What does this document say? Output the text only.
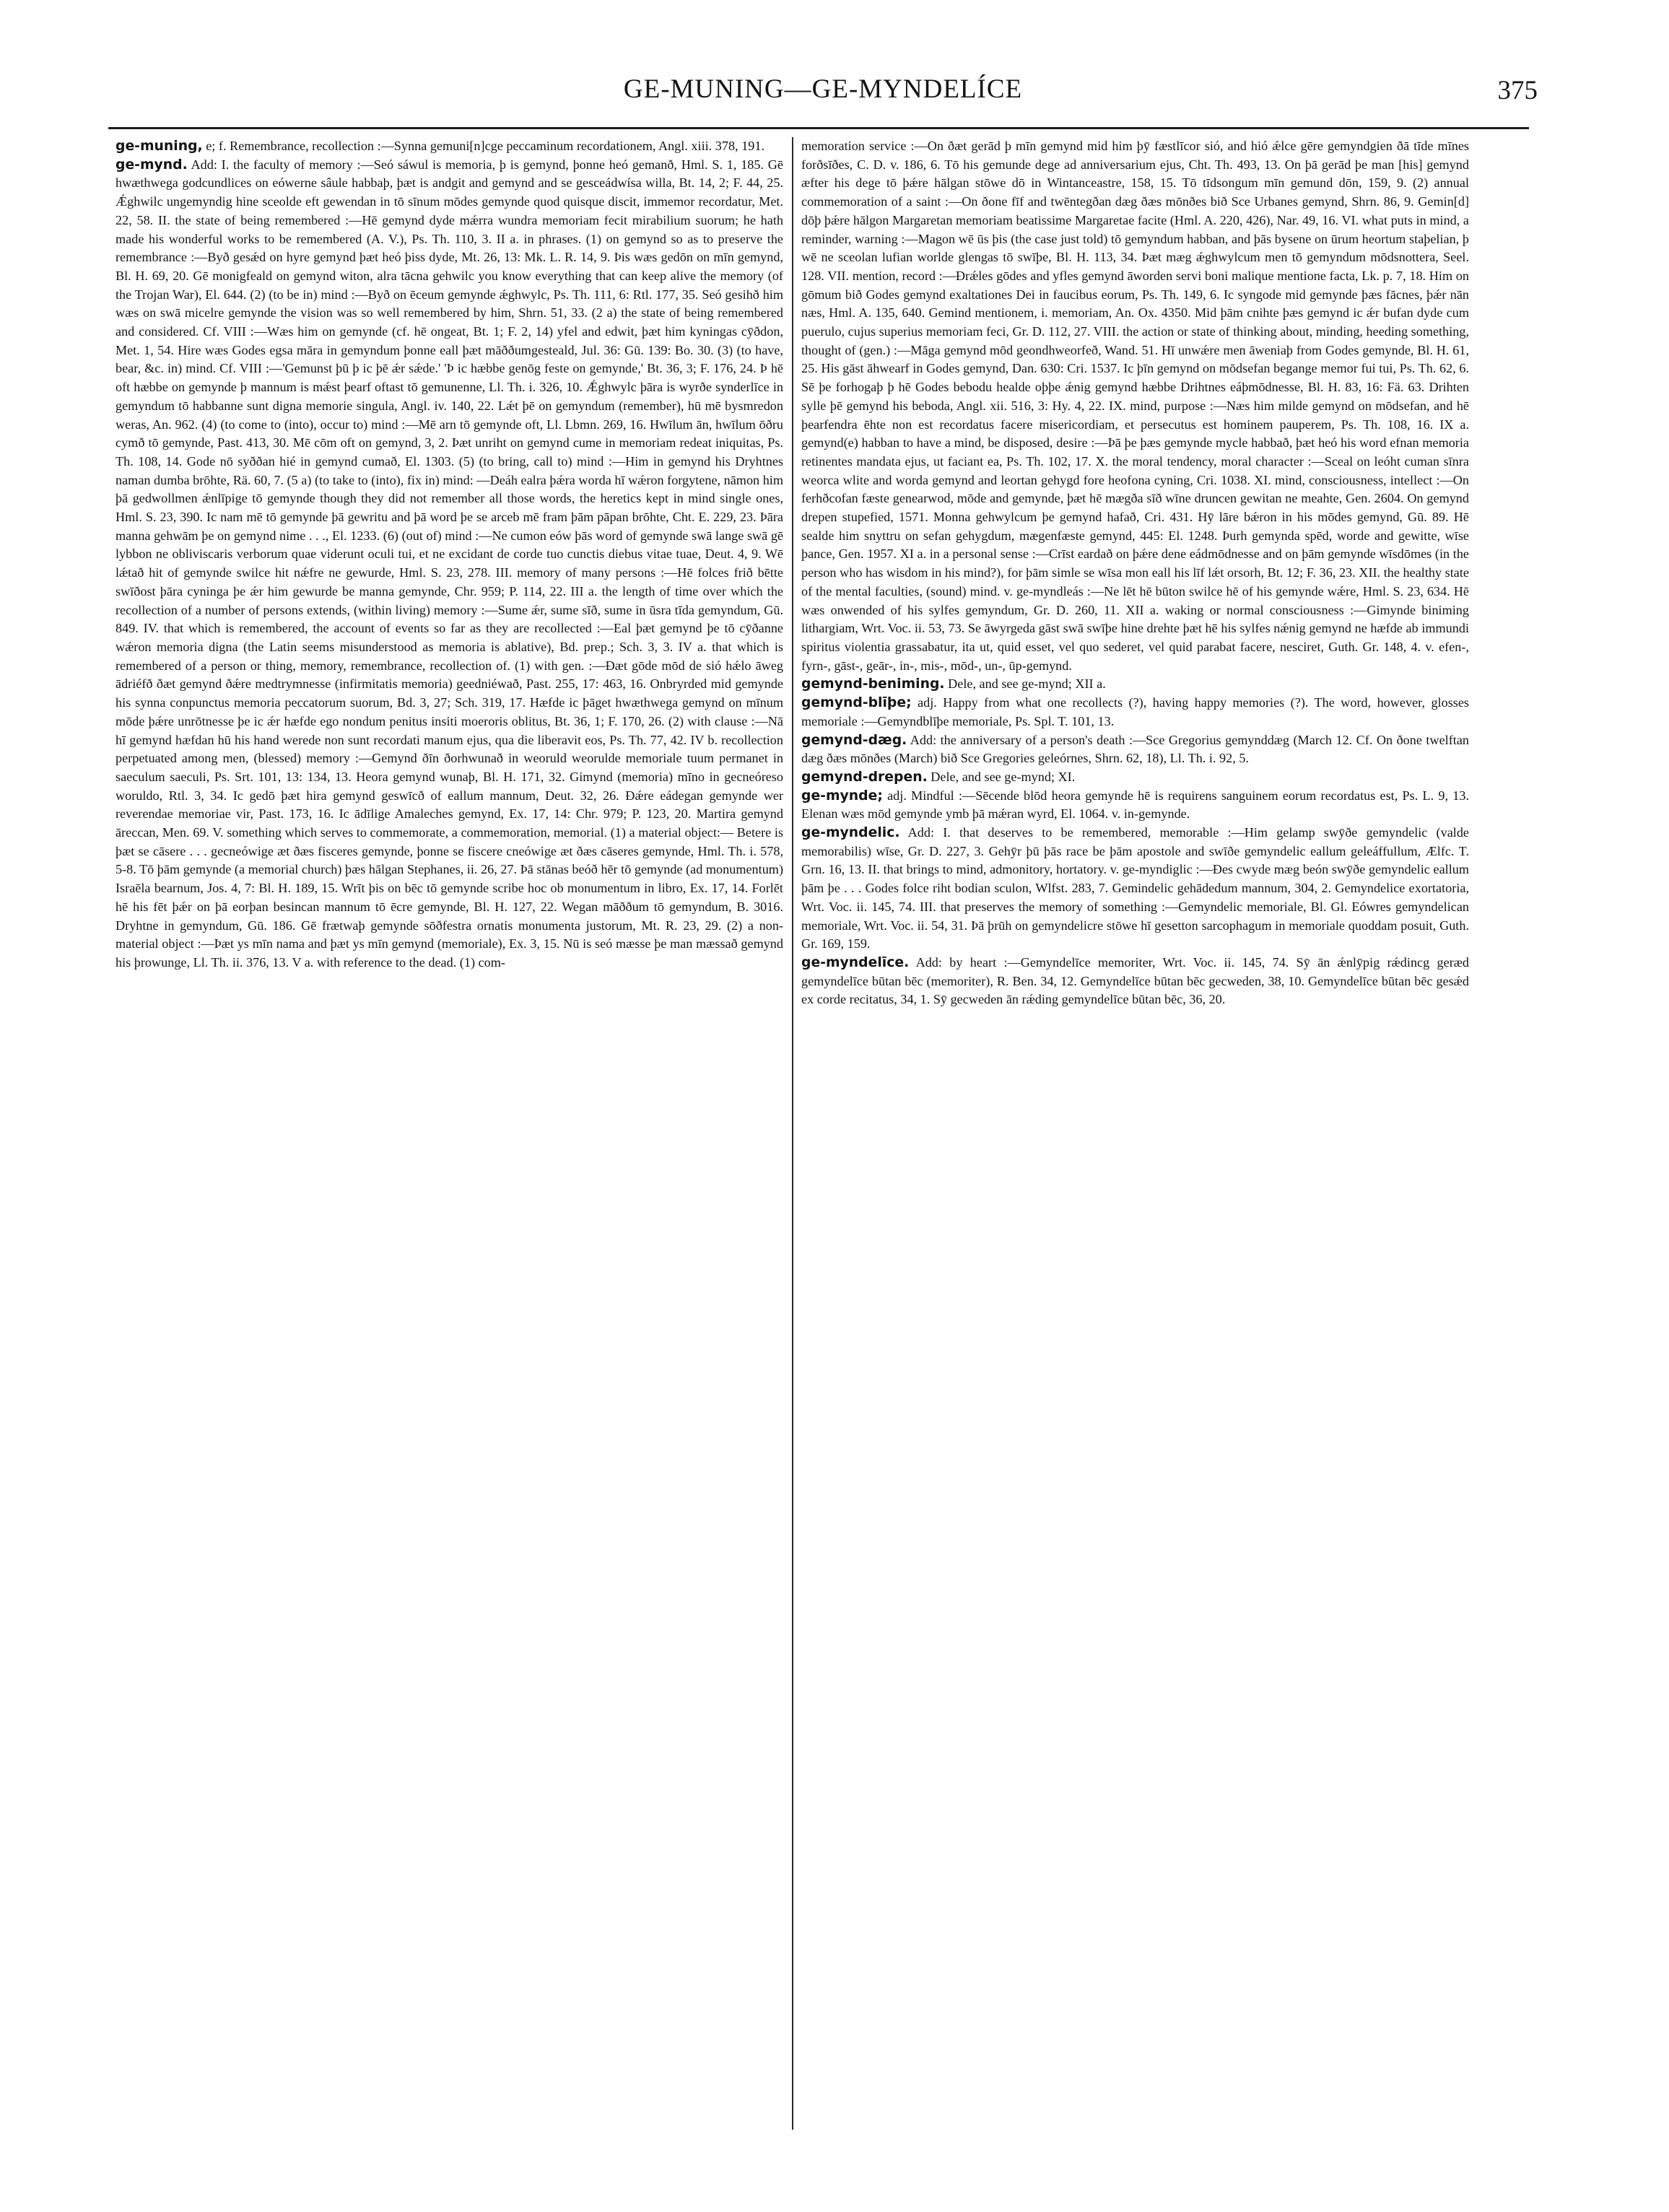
GE-MUNING—GE-MYNDELÍCE	375

ge-muning, e; f. Remembrance, recollection :—Synna gemuni[n]cge peccaminum recordationem, Angl. xiii. 378, 191.

ge-mynd. Add: I. the faculty of memory :—Seó sáwul is memoria, þ is gemynd, þonne heó gemanð, Hml. S. 1, 185. Gē hwæthwega godcundlices on eówerne sâule habbaþ, þæt is andgit and gemynd and se gesceádwísa willa, Bt. 14, 2; F. 44, 25. Ǽghwilc ungemyndig hine sceolde eft gewendan in tō sīnum mōdes gemynde quod quisque discit, immemor recordatur, Met. 22, 58. II. the state of being remembered :—Hē gemynd dyde mǽrra wundra memoriam fecit mirabilium suorum; he hath made his wonderful works to be remembered (A. V.), Ps. Th. 110, 3. II a. in phrases. (1) on gemynd so as to preserve the remembrance :—Byð gesǽd on hyre gemynd þæt heó þiss dyde, Mt. 26, 13: Mk. L. R. 14, 9. Þis wæs gedōn on mīn gemynd, Bl. H. 69, 20. Gē monigfeald on gemynd witon, alra tācna gehwilc you know everything that can keep alive the memory (of the Trojan War), El. 644. (2) (to be in) mind :—Byð on ēceum gemynde ǽghwylc, Ps. Th. 111, 6: Rtl. 177, 35. Seó gesihð him wæs on swā micelre gemynde the vision was so well remembered by him, Shrn. 51, 33. (2 a) the state of being remembered and considered. Cf. VIII :—Wæs him on gemynde (cf. hē ongeat, Bt. 1; F. 2, 14) yfel and edwit, þæt him kyningas cȳðdon, Met. 1, 54. Hire wæs Godes egsa māra in gemyndum þonne eall þæt māððumgesteald, Jul. 36: Gū. 139: Bo. 30. (3) (to have, bear, &c. in) mind. Cf. VIII :—'Gemunst þū þ ic þē ǽr sǽde.' 'Þ ic hæbbe genōg feste on gemynde,' Bt. 36, 3; F. 176, 24. Þ hē oft hæbbe on gemynde þ mannum is mǽst þearf oftast tō gemunenne, Ll. Th. i. 326, 10. Ǽghwylc þāra is wyrðe synderlīce in gemyndum tō habbanne sunt digna memorie singula, Angl. iv. 140, 22. Lǽt þē on gemyndum (remember), hū mē bysmredon weras, An. 962. (4) (to come to (into), occur to) mind :—Mē arn tō gemynde oft, Ll. Lbmn. 269, 16. Hwīlum ān, hwīlum ōðru cymð tō gemynde, Past. 413, 30. Mē cōm oft on gemynd, 3, 2. Þæt unriht on gemynd cume in memoriam redeat iniquitas, Ps. Th. 108, 14. Gode nō syððan hié in gemynd cumað, El. 1303. (5) (to bring, call to) mind :—Him in gemynd his Dryhtnes naman dumba brōhte, Rä. 60, 7. (5 a) (to take to (into), fix in) mind: —Deáh ealra þǽra worda hī wǽron forgytene, nāmon him þā gedwollmen ǽnlīpige tō gemynde though they did not remember all those words, the heretics kept in mind single ones, Hml. S. 23, 390. Ic nam mē tō gemynde þā gewritu and þā word þe se arceb mē fram þām pāpan brōhte, Cht. E. 229, 23. Þāra manna gehwām þe on gemynd nime . . ., El. 1233. (6) (out of) mind :—Ne cumon eów þās word of gemynde swā lange swā gē lybbon ne obliviscaris verborum quae viderunt oculi tui, et ne excidant de corde tuo cunctis diebus vitae tuae, Deut. 4, 9. Wē lǽtað hit of gemynde swilce hit nǽfre ne gewurde, Hml. S. 23, 278. III. memory of many persons :—Hē folces frið bētte swīðost þāra cyninga þe ǽr him gewurde be manna gemynde, Chr. 959; P. 114, 22. III a. the length of time over which the recollection of a number of persons extends, (within living) memory :—Sume ǽr, sume sīð, sume in ūsra tīda gemyndum, Gū. 849. IV. that which is remembered, the account of events so far as they are recollected :—Eal þæt gemynd þe tō cȳðanne wǽron memoria digna (the Latin seems misunderstood as memoria is ablative), Bd. prep.; Sch. 3, 3. IV a. that which is remembered of a person or thing, memory, remembrance, recollection of. (1) with gen. :—Ðæt gōde mōd de sió hǽlo āweg ādriéfð ðæt gemynd ðǽre medtrymnesse (infirmitatis memoria) geedniéwað, Past. 255, 17: 463, 16. Onbryrded mid gemynde his synna conpunctus memoria peccatorum suorum, Bd. 3, 27; Sch. 319, 17. Hæfde ic þāget hwæthwega gemynd on mīnum mōde þǽre unrōtnesse þe ic ǽr hæfde ego nondum penitus insiti moeroris oblitus, Bt. 36, 1; F. 170, 26. (2) with clause :—Nā hī gemynd hæfdan hū his hand werede non sunt recordati manum ejus, qua die liberavit eos, Ps. Th. 77, 42. IV b. recollection perpetuated among men, (blessed) memory :—Gemynd ðīn ðorhwunað in weoruld weorulde memoriale tuum permanet in saeculum saeculi, Ps. Srt. 101, 13: 134, 13. Heora gemynd wunaþ, Bl. H. 171, 32. Gimynd (memoria) mīno in gecneóreso woruldo, Rtl. 3, 34. Ic gedō þæt hira gemynd geswīcð of eallum mannum, Deut. 32, 26. Ðǽre eádegan gemynde wer reverendae memoriae vir, Past. 173, 16. Ic ādīlige Amaleches gemynd, Ex. 17, 14: Chr. 979; P. 123, 20. Martira gemynd āreccan, Men. 69. V. something which serves to commemorate, a commemoration, memorial. (1) a material object:— Betere is þæt se cāsere . . . gecneówige æt ðæs fisceres gemynde, þonne se fiscere cneówige æt ðæs cāseres gemynde, Hml. Th. i. 578, 5-8. Tō þām gemynde (a memorial church) þæs hālgan Stephanes, ii. 26, 27. Þā stānas beóð hēr tō gemynde (ad monumentum) Israēla bearnum, Jos. 4, 7: Bl. H. 189, 15. Wrīt þis on bēc tō gemynde scribe hoc ob monumentum in libro, Ex. 17, 14. Forlēt hē his fēt þǽr on þā eorþan besincan mannum tō ēcre gemynde, Bl. H. 127, 22. Wegan māððum tō gemyndum, B. 3016. Dryhtne in gemyndum, Gū. 186. Gē frætwaþ gemynde sōðfestra ornatis monumenta justorum, Mt. R. 23, 29. (2) a non-material object :—Þæt ys mīn nama and þæt ys mīn gemynd (memoriale), Ex. 3, 15. Nū is seó mæsse þe man mæssað gemynd his þrowunge, Ll. Th. ii. 376, 13. V a. with reference to the dead. (1) com-

memoration service :—On ðæt gerād þ mīn gemynd mid him þȳ fæstlīcor sió, and hió ǽlce gēre gemyndgien ðā tīde mīnes forðsīðes, C. D. v. 186, 6. Tō his gemunde dege ad anniversarium ejus, Cht. Th. 493, 13. On þā gerād þe man [his] gemynd æfter his dege tō þǽre hālgan stōwe dō in Wintanceastre, 158, 15. Tō tīdsongum mīn gemund dōn, 159, 9. (2) annual commemoration of a saint :—On ðone fīf and twēntegðan dæg ðæs mōnðes bið Sce Urbanes gemynd, Shrn. 86, 9. Gemin[d] dōþ þǽre hālgon Margaretan memoriam beatissime Margaretae facite (Hml. A. 220, 426), Nar. 49, 16. VI. what puts in mind, a reminder, warning :—Magon wē ūs þis (the case just told) tō gemyndum habban, and þās bysene on ūrum heortum staþelian, þ wē ne sceolan lufian worlde glengas tō swīþe, Bl. H. 113, 34. Þæt mæg ǽghwylcum men tō gemyndum mōdsnottera, Seel. 128. VII. mention, record :—Ðrǽles gōdes and yfles gemynd āworden servi boni malique mentione facta, Lk. p. 7, 18. Him on gōmum bið Godes gemynd exaltationes Dei in faucibus eorum, Ps. Th. 149, 6. Ic syngode mid gemynde þæs fācnes, þǽr nān næs, Hml. A. 135, 640. Gemind mentionem, i. memoriam, An. Ox. 4350. Mid þām cnihte þæs gemynd ic ǽr bufan dyde cum puerulo, cujus superius memoriam feci, Gr. D. 112, 27. VIII. the action or state of thinking about, minding, heeding something, thought of (gen.) :—Māga gemynd mōd geondhweorfeð, Wand. 51. Hī unwǽre men āweniaþ from Godes gemynde, Bl. H. 61, 25. His gāst āhwearf in Godes gemynd, Dan. 630: Cri. 1537. Ic þīn gemynd on mōdsefan begange memor fui tui, Ps. Th. 62, 6. Sē þe forhogaþ þ hē Godes bebodu healde oþþe ǽnig gemynd hæbbe Drihtnes eáþmōdnesse, Bl. H. 83, 16: Fä. 63. Drihten sylle þē gemynd his beboda, Angl. xii. 516, 3: Hy. 4, 22. IX. mind, purpose :—Næs him milde gemynd on mōdsefan, and hē þearfendra ēhte non est recordatus facere misericordiam, et persecutus est hominem pauperem, Ps. Th. 108, 16. IX a. gemynd(e) habban to have a mind, be disposed, desire :—Þā þe þæs gemynde mycle habbað, þæt heó his word efnan memoria retinentes mandata ejus, ut faciant ea, Ps. Th. 102, 17. X. the moral tendency, moral character :—Sceal on leóht cuman sīnra weorca wlite and worda gemynd and leortan gehygd fore heofona cyning, Cri. 1038. XI. mind, consciousness, intellect :—On ferhðcofan fæste genearwod, mōde and gemynde, þæt hē mægða sīð wīne druncen gewitan ne meahte, Gen. 2604. On gemynd drepen stupefied, 1571. Monna gehwylcum þe gemynd hafað, Cri. 431. Hȳ lāre bǽron in his mōdes gemynd, Gū. 89. Hē sealde him snyttru on sefan gehygdum, mægenfæste gemynd, 445: El. 1248. Þurh gemynda spēd, worde and gewitte, wīse þance, Gen. 1957. XI a. in a personal sense :—Crīst eardað on þǽre dene eádmōdnesse and on þām gemynde wīsdōmes (in the person who has wisdom in his mind?), for þām simle se wīsa mon eall his līf lǽt orsorh, Bt. 12; F. 36, 23. XII. the healthy state of the mental faculties, (sound) mind. v. ge-myndleás :—Ne lēt hē būton swilce hē of his gemynde wǽre, Hml. S. 23, 634. Hē wæs onwended of his sylfes gemyndum, Gr. D. 260, 11. XII a. waking or normal consciousness :—Gimynde biniming lithargiam, Wrt. Voc. ii. 53, 73. Se āwyrgeda gāst swā swīþe hine drehte þæt hē his sylfes nǽnig gemynd ne hæfde ab immundi spiritus violentia grassabatur, ita ut, quid esset, vel quo sederet, vel quid parabat facere, nesciret, Guth. Gr. 148, 4. v. efen-, fyrn-, gāst-, geār-, in-, mis-, mōd-, un-, ūp-gemynd.

gemynd-beniming. Dele, and see ge-mynd; XII a.

gemynd-blīþe; adj. Happy from what one recollects (?), having happy memories (?). The word, however, glosses memoriale :—Gemyndblīþe memoriale, Ps. Spl. T. 101, 13.

gemynd-dæg. Add: the anniversary of a person's death :—Sce Gregorius gemynddæg (March 12. Cf. On ðone twelftan dæg ðæs mōnðes (March) bið Sce Gregories geleórnes, Shrn. 62, 18), Ll. Th. i. 92, 5.

gemynd-drepen. Dele, and see ge-mynd; XI.

ge-mynde; adj. Mindful :—Sēcende blōd heora gemynde hē is requirens sanguinem eorum recordatus est, Ps. L. 9, 13. Elenan wæs mōd gemynde ymb þā mǽran wyrd, El. 1064. v. in-gemynde.

ge-myndelic. Add: I. that deserves to be remembered, memorable :—Him gelamp swȳðe gemyndelic (valde memorabilis) wīse, Gr. D. 227, 3. Gehȳr þū þās race be þām apostole and swīðe gemyndelic eallum geleáffullum, Ælfc. T. Grn. 16, 13. II. that brings to mind, admonitory, hortatory. v. ge-myndiglic :—Ðes cwyde mæg beón swȳðe gemyndelic eallum þām þe . . . Godes folce riht bodian sculon, Wlfst. 283, 7. Gemindelic gehādedum mannum, 304, 2. Gemyndelice exortatoria, Wrt. Voc. ii. 145, 74. III. that preserves the memory of something :—Gemyndelic memoriale, Bl. Gl. Eówres gemyndelican memoriale, Wrt. Voc. ii. 54, 31. Þā þrūh on gemyndelicre stōwe hī gesetton sarcophagum in memoriale quoddam posuit, Guth. Gr. 169, 159.

ge-myndelīce. Add: by heart :—Gemyndelīce memoriter, Wrt. Voc. ii. 145, 74. Sȳ ān ǽnlȳpig rǽdincg geræd gemyndelīce būtan bēc (memoriter), R. Ben. 34, 12. Gemyndelīce būtan bēc gecweden, 38, 10. Gemyndelīce būtan bēc gesǽd ex corde recitatus, 34, 1. Sȳ gecweden ān rǽding gemyndelīce būtan bēc, 36, 20.
